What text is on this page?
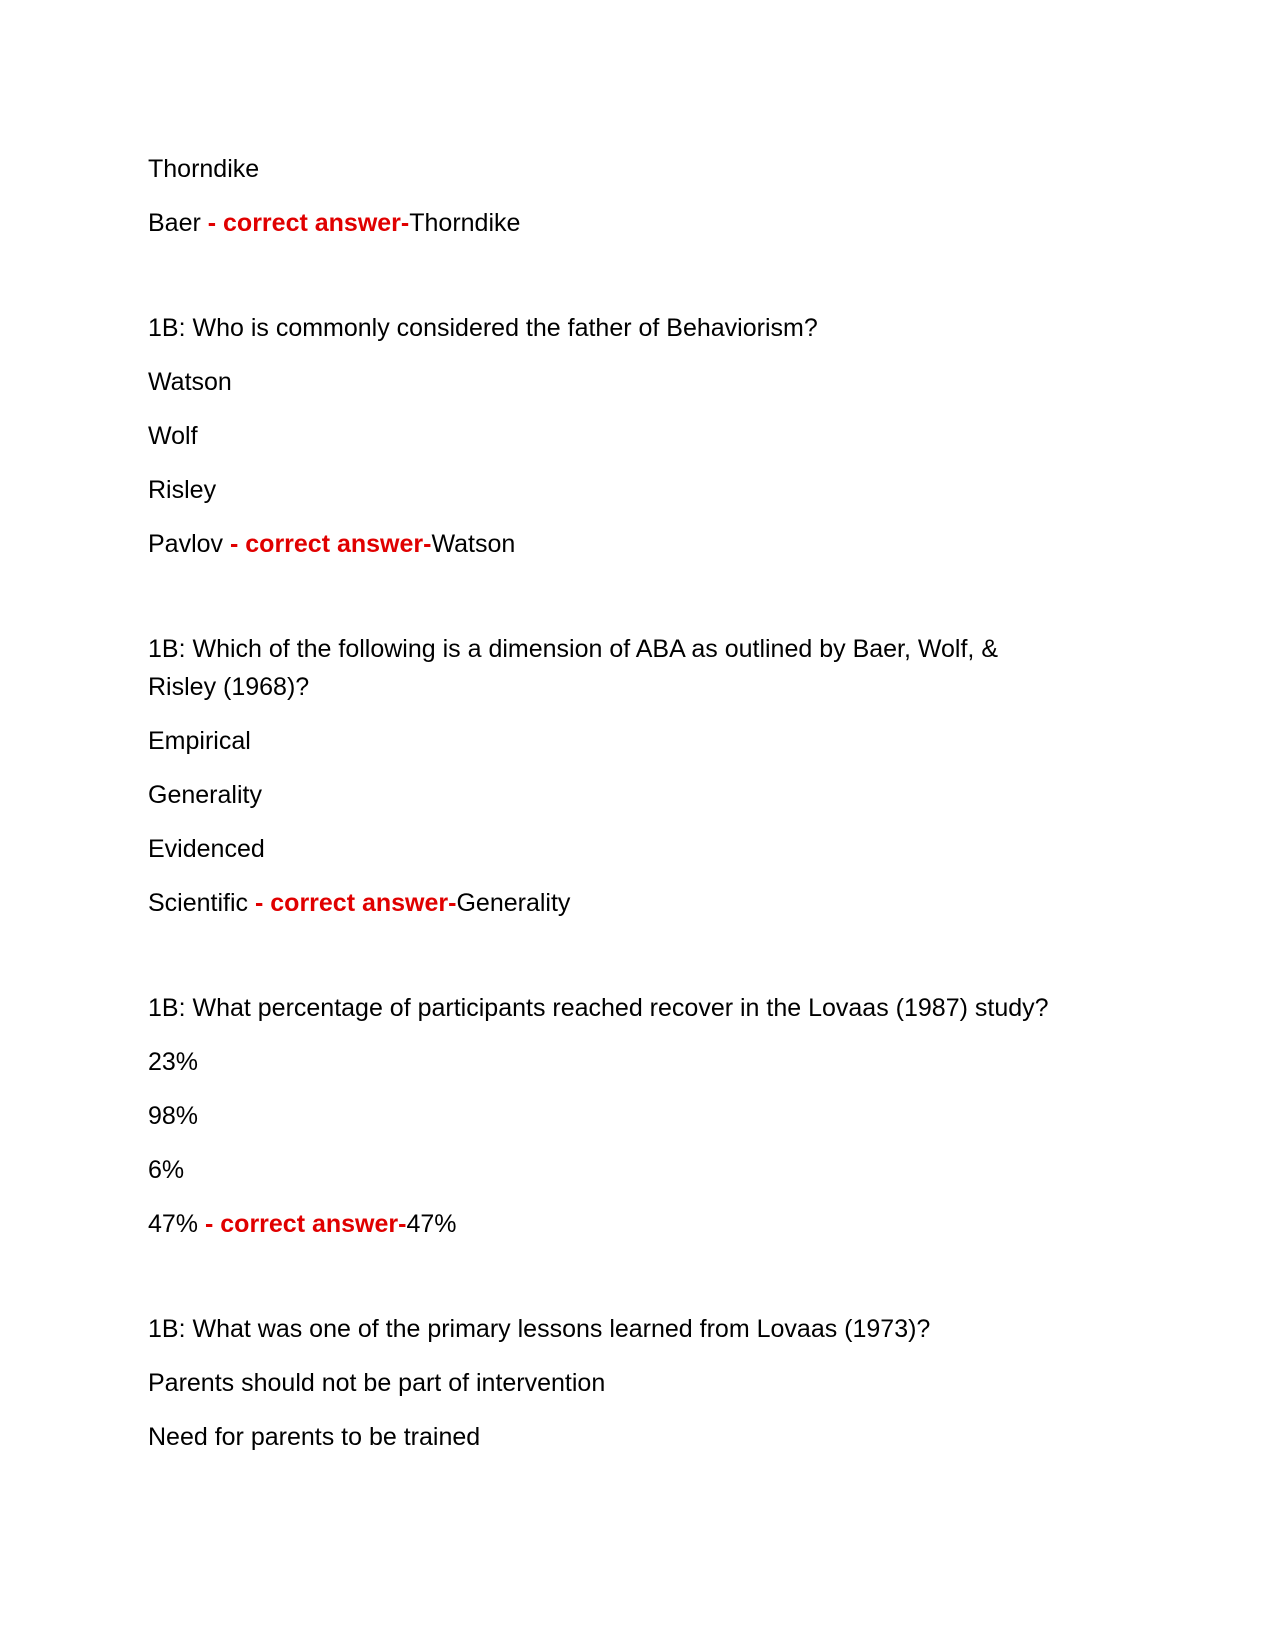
Thorndike
Baer - correct answer-Thorndike
1B: Who is commonly considered the father of Behaviorism?
Watson
Wolf
Risley
Pavlov - correct answer-Watson
1B: Which of the following is a dimension of ABA as outlined by Baer, Wolf, & Risley (1968)?
Empirical
Generality
Evidenced
Scientific - correct answer-Generality
1B: What percentage of participants reached recover in the Lovaas (1987) study?
23%
98%
6%
47% - correct answer-47%
1B: What was one of the primary lessons learned from Lovaas (1973)?
Parents should not be part of intervention
Need for parents to be trained
